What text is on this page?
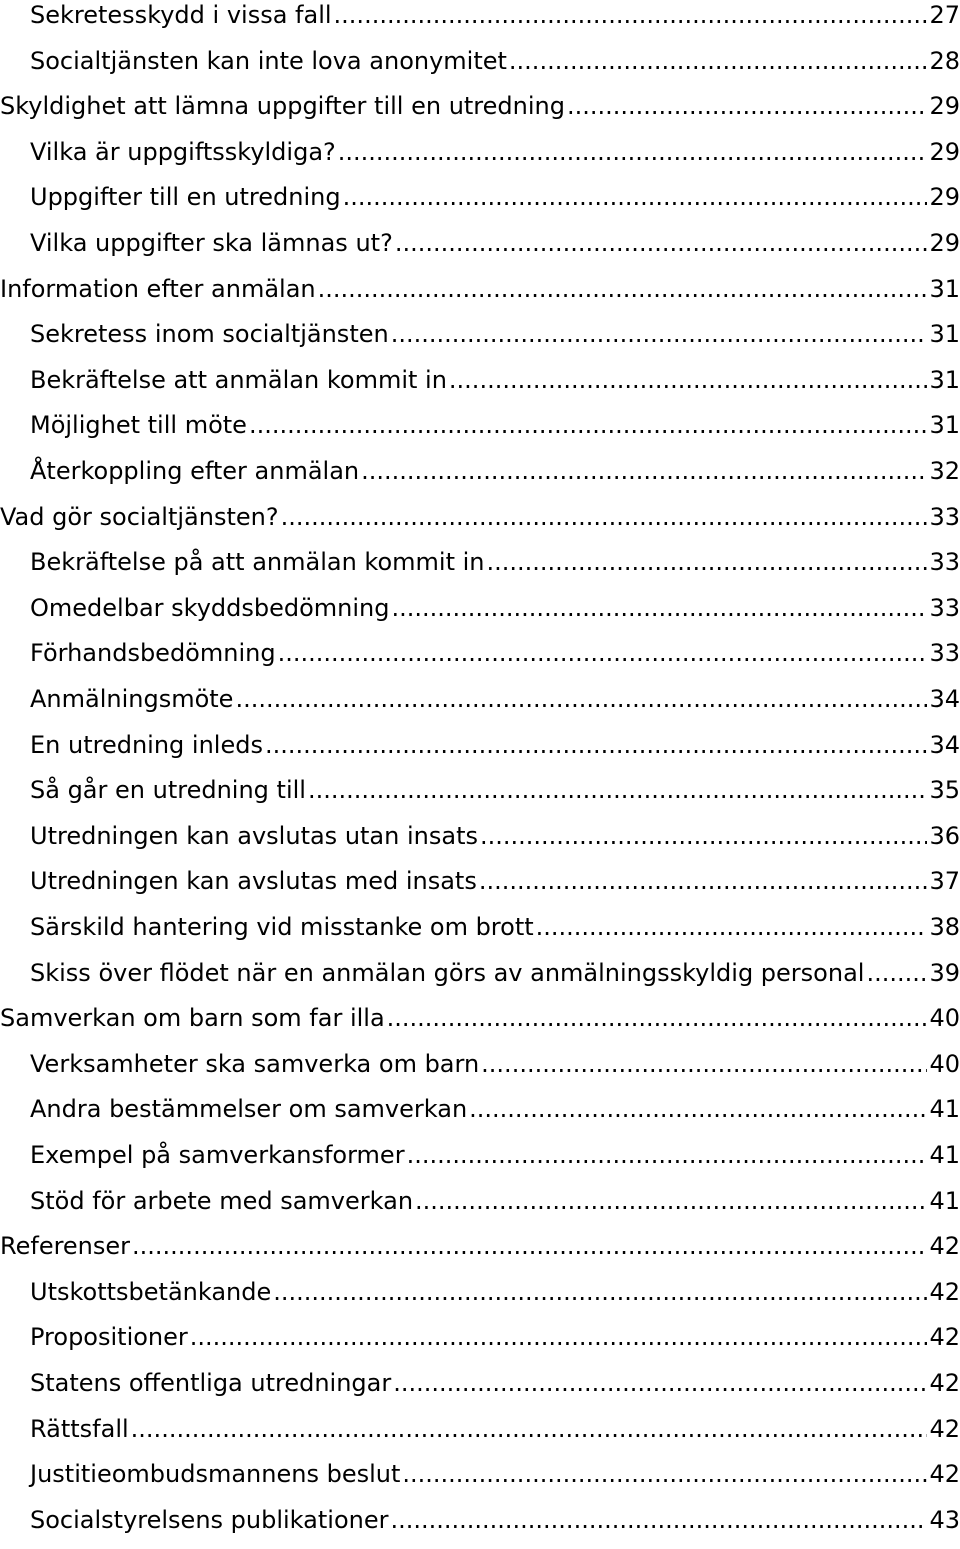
Sekretesskydd i vissa fall .....	27
Socialtjänsten kan inte lova anonymitet .....	28
Skyldighet att lämna uppgifter till en utredning .....	29
Vilka är uppgiftsskyldiga? .....	29
Uppgifter till en utredning .....	29
Vilka uppgifter ska lämnas ut? .....	29
Information efter anmälan .....	31
Sekretess inom socialtjänsten .....	31
Bekräftelse att anmälan kommit in .....	31
Möjlighet till möte .....	31
Återkoppling efter anmälan .....	32
Vad gör socialtjänsten? .....	33
Bekräftelse på att anmälan kommit in .....	33
Omedelbar skyddsbedömning .....	33
Förhandsbedömning .....	33
Anmälningsmöte .....	34
En utredning inleds .....	34
Så går en utredning till .....	35
Utredningen kan avslutas utan insats .....	36
Utredningen kan avslutas med insats .....	37
Särskild hantering vid misstanke om brott .....	38
Skiss över flödet när en anmälan görs av anmälningsskyldig personal .....	39
Samverkan om barn som far illa .....	40
Verksamheter ska samverka om barn .....	40
Andra bestämmelser om samverkan .....	41
Exempel på samverkansformer .....	41
Stöd för arbete med samverkan .....	41
Referenser .....	42
Utskottsbetänkande .....	42
Propositioner .....	42
Statens offentliga utredningar .....	42
Rättsfall .....	42
Justitieombudsmannens beslut .....	42
Socialstyrelsens publikationer .....	43
